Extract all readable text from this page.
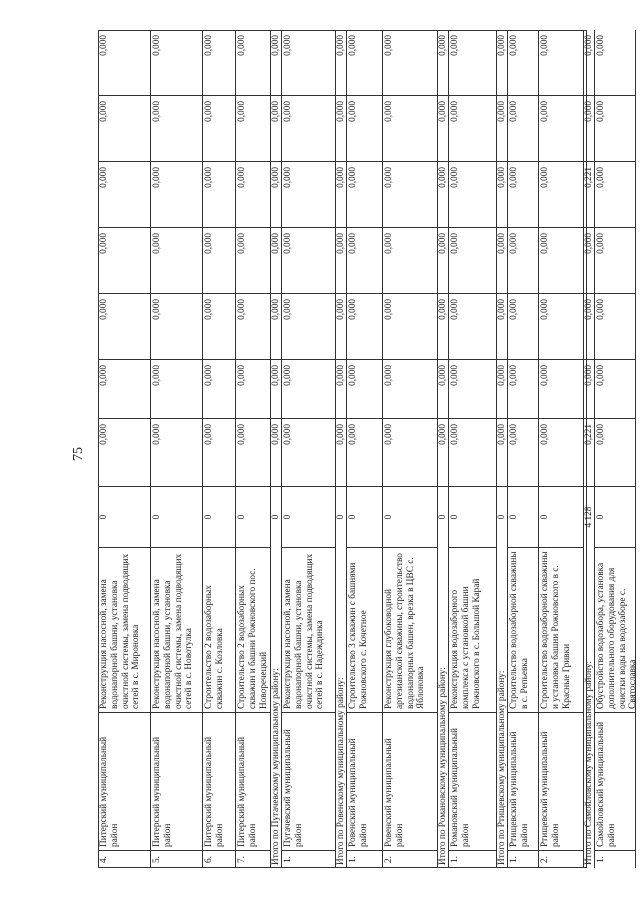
75
4.
Питерский муниципальный район
Реконструкция насосной, замена водонапорной башни, установка очистной системы, замена подводящих сетей в с. Мироновка
0
0,000
0,000
0,000
0,000
0,000
0,000
0,000
5.
Питерский муниципальный район
Реконструкция насосной, замена водонапорной башни, установка очистной системы, замена подводящих сетей в с. Новотулка
0
0,000
0,000
0,000
0,000
0,000
0,000
0,000
6.
Питерский муниципальный район
Строительство 2 водозаборных скважин с. Козловка
0
0,000
0,000
0,000
0,000
0,000
0,000
0,000
7.
Питерский муниципальный район
Строительство 2 водозаборных скважин и башни Рожновского пос. Новоречецкий
0
0,000
0,000
0,000
0,000
0,000
0,000
0,000
Итого по Пугачевскому муниципальному району:
0
0,000
0,000
0,000
0,000
0,000
0,000
0,000
1.
Пугачевский муниципальный район
Реконструкция насосной, замена водонапорной башни, установка очистной системы, замена подводящих сетей в с. Надеждинка
0
0,000
0,000
0,000
0,000
0,000
0,000
0,000
Итого по Ровенскому муниципальному району:
0
0,000
0,000
0,000
0,000
0,000
0,000
0,000
1.
Ровенский муниципальный район
Строительство 3 скважин с башнями Рожновского с. Кочетное
0
0,000
0,000
0,000
0,000
0,000
0,000
0,000
2.
Ровенский муниципальный район
Реконструкция глубоководной артезианской скважины, строительство водонапорных башен, врезка в ЦВС с. Яблоновка
0
0,000
0,000
0,000
0,000
0,000
0,000
0,000
Итого по Романовскому муниципальному району:
0
0,000
0,000
0,000
0,000
0,000
0,000
0,000
1.
Романовский муниципальный район
Реконструкция водозаборного комплекса с установкой башни Рожновского в с. Большой Карай
0
0,000
0,000
0,000
0,000
0,000
0,000
0,000
Итого по Ртищевскому муниципальному району:
0
0,000
0,000
0,000
0,000
0,000
0,000
0,000
1.
Ртищевский муниципальный район
Строительство водозаборной скважины в с. Репьевка
0
0,000
0,000
0,000
0,000
0,000
0,000
0,000
2.
Ртищевский муниципальный район
Строительство водозаборной скважины и установка башни Рожновского в с. Красные Гривки
0
0,000
0,000
0,000
0,000
0,000
0,000
0,000
Итого по Самойловскому муниципальному району:
4 128
0,221
0,000
0,000
0,000
0,221
0,000
0,000
1.
Самойловский муниципальный район
Обустройство водозабора, установка дополнительного оборудования для очистки воды на водозаборе с. Святославка
0
0,000
0,000
0,000
0,000
0,000
0,000
0,000
